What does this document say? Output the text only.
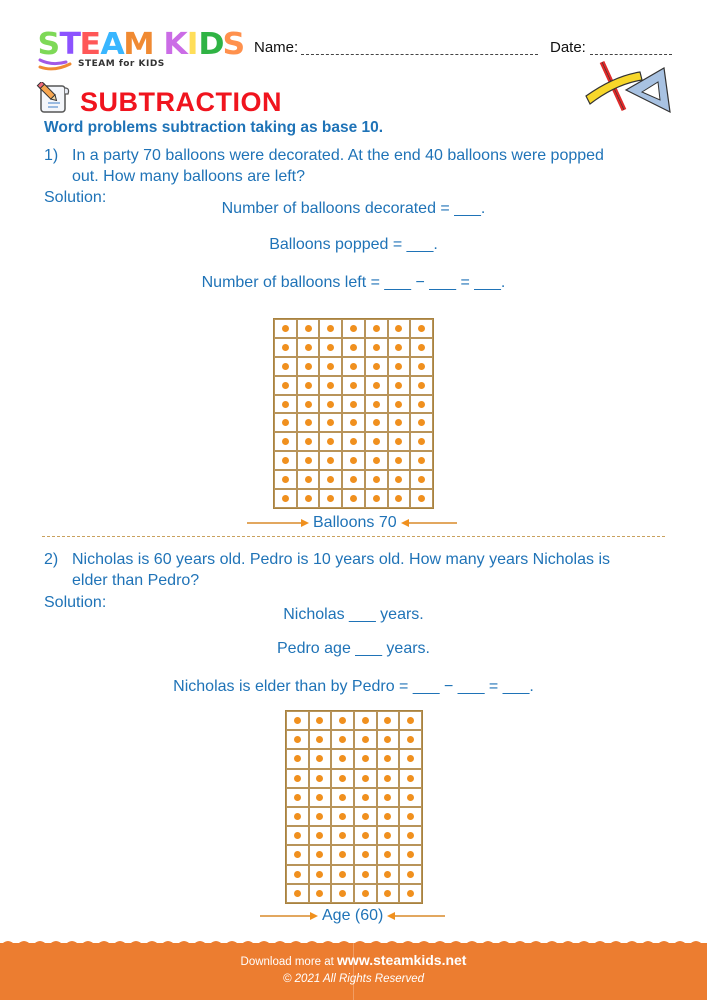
STEAM KIDS
STEAM for KIDS
Name:	Date:
SUBTRACTION
Word problems subtraction taking as base 10.
1) In a party 70 balloons were decorated. At the end 40 balloons were popped
out. How many balloons are left?
Solution:
Number of balloons decorated = ___.
Balloons popped = ___.
Number of balloons left = ___ − ___ = ___.
Balloons 70
2) Nicholas is 60 years old. Pedro is 10 years old. How many years Nicholas is
elder than Pedro?
Solution:
Nicholas ___ years.
Pedro age ___ years.
Nicholas is elder than by Pedro = ___ − ___ = ___.
Age (60)
Download more at www.steamkids.net
© 2021 All Rights Reserved
